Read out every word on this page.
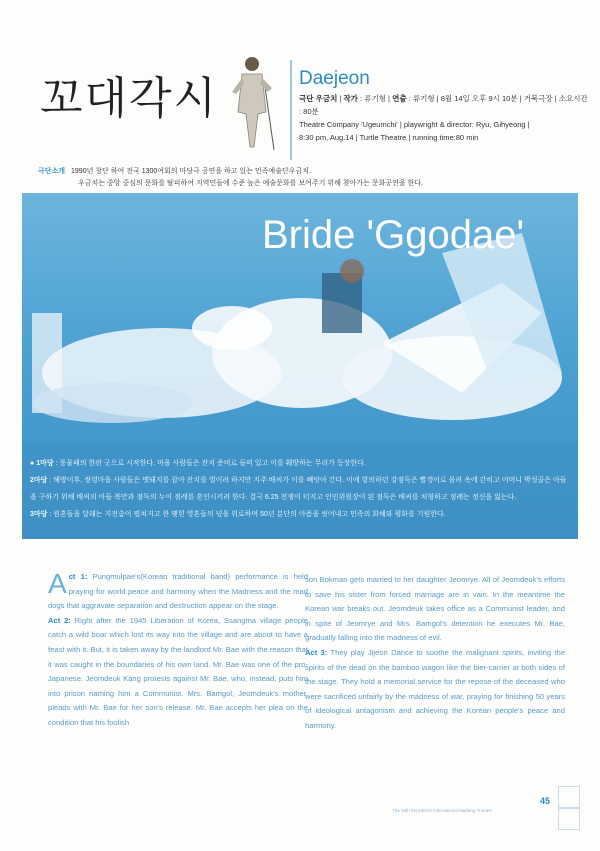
꼬대각시	Daejeon
극단 우금치 | 작가 : 류기형 | 연출 : 류기형 | 8월 14일 오후 9시 10분 | 거북극장 | 소요시간 : 80분
Theatre Company 'Ugeumchi' | playwright & director: Ryu, Gihyeong |
8:30 pm, Aug.14 | Turtle Theatre | running time:80 min
극단소개 1990년 창단 하여 전국 1300여회의 마당극 공연을 하고 있는 민족예술단우금치.
우금치는 중앙 중심의 문화를 탈피하여 지역민들에 수준 높은 예술문화를 보여주기 위해 찾아가는 문화공연을 한다.
Bride 'Ggodae'
● 1마당 : 풍물패의 한판 굿으로 시작한다. 마을 사람들은 잔치 준비로 들떠 있고 이를 훼방하는 무리가 등장한다.
2마당 : 해방이후, 쌍령마을 사람들은 멧돼지를 잡아 잔치를 벌이려 하지만 지주 배씨가 이를 빼앗아 간다. 이에 항의하던 강점득은 빨갱이로 몰려 옥에 갇히고 어머니 박성골은 아들을 구하기 위해 배씨의 아들 복만과 점득의 누이 점례를 혼인시키려 한다. 결국 6.25 전쟁이 터지고 인민위원장이 된 점득은 배씨를 처형하고 점례는 정신을 잃는다.
3마당 : 원혼들을 달래는 지전춤이 펼쳐지고 한 맺힌 영혼들의 넋을 위로하며 50년 분단의 아픔을 씻어내고 민족의 화해와 평화를 기원한다.
A ct 1: Pungmulpae's(Korean traditional band) performance is held praying for world peace and harmony when the Madness and the mad dogs that aggravate separation and destruction appear on the stage.
Act 2: Right after the 1945 Liberation of Korea, Ssangma village people catch a wild boar which lost its way into the village and are about to have a feast with it. But, it is taken away by the landlord Mr. Bae with the reason that it was caught in the boundaries of his own land. Mr. Bae was one of the pro-Japanese. Jeomdeuk Kang protests against Mr. Bae, who, instead, puts him into prison naming him a Communist. Mrs. Bamgol, Jeomdeuk's mother, pleads with Mr. Bae for her son's release. Mr. Bae accepts her plea on the condition that his foolish
son Bokman gets married to her daughter Jeomrye. All of Jeomdeuk's efforts to save his sister from forced marriage are in vain. In the meantime the Korean war breaks out. Jeomdeuk takes office as a Communist leader, and in spite of Jeomrye and Mrs. Bamgol's detention he executes Mr. Bae, gradually falling into the madness of evil.
Act 3: They play Jijeon Dance to soothe the malignant spirits, inviting the spirits of the dead on the bamboo wagon like the bier-carrier at both sides of the stage. They hold a memorial service for the repose of the deceased who were sacrificed unfairly by the madness of war, praying for finishing 50 years of ideological antagonism and achieving the Korean people's peace and harmony.
45
The 18th INCHEON International Madang Theatre
